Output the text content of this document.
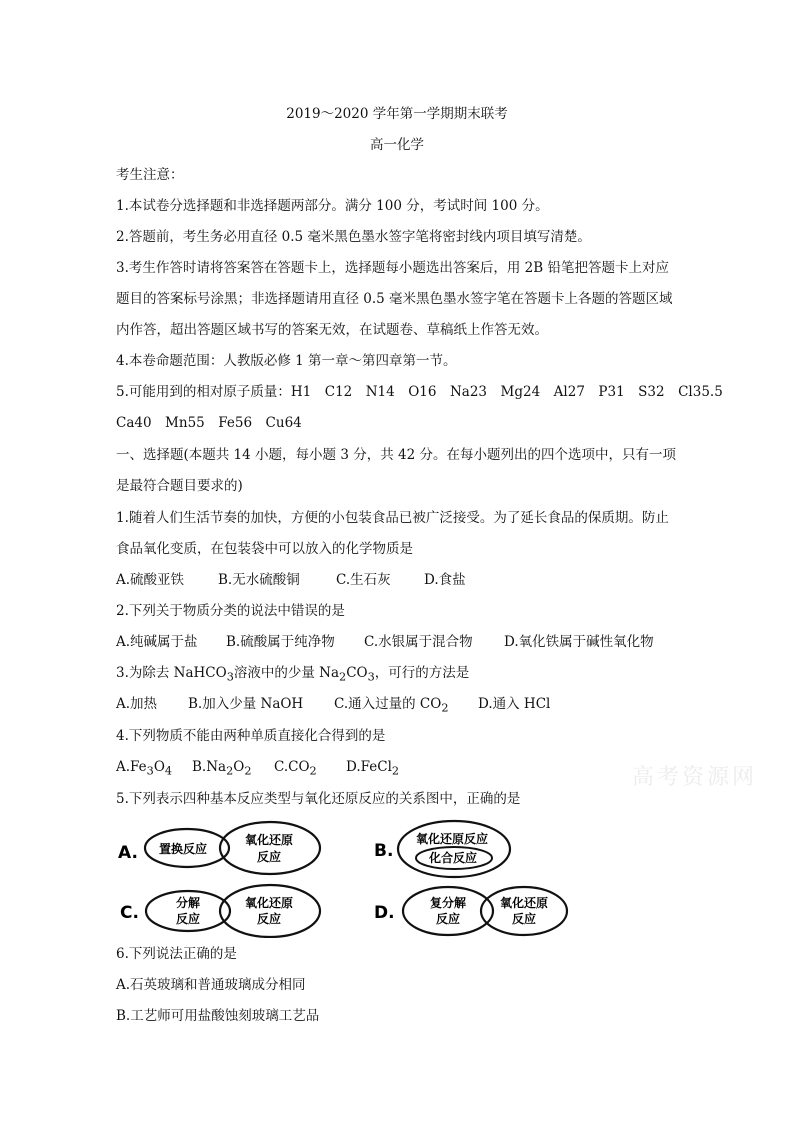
2019～2020 学年第一学期期末联考
高一化学
考生注意：
1.本试卷分选择题和非选择题两部分。满分 100 分，考试时间 100 分。
2.答题前，考生务必用直径 0.5 毫米黑色墨水签字笔将密封线内项目填写清楚。
3.考生作答时请将答案答在答题卡上，选择题每小题选出答案后，用 2B 铅笔把答题卡上对应
题目的答案标号涂黑；非选择题请用直径 0.5 毫米黑色墨水签字笔在答题卡上各题的答题区域
内作答，超出答题区域书写的答案无效，在试题卷、草稿纸上作答无效。
4.本卷命题范围：人教版必修 1 第一章～第四章第一节。
5.可能用到的相对原子质量：H1　C12　N14　O16　Na23　Mg24　Al27　P31　S32　Cl35.5
Ca40　Mn55　Fe56　Cu64
一、选择题(本题共 14 小题，每小题 3 分，共 42 分。在每小题列出的四个选项中，只有一项
是最符合题目要求的)
1.随着人们生活节奏的加快，方便的小包装食品已被广泛接受。为了延长食品的保质期。防止
食品氧化变质，在包装袋中可以放入的化学物质是
A.硫酸亚铁	B.无水硫酸铜	C.生石灰 D.食盐
2.下列关于物质分类的说法中错误的是
A.纯碱属于盐 B.硫酸属于纯净物 C.水银属于混合物 D.氧化铁属于碱性氧化物
3.为除去 NaHCO$_3$溶液中的少量 $Na_2CO_3$，可行的方法是
A.加热 B.加入少量 NaOH C.通入过量的 $CO_2$ D.通入 HCl
4.下列物质不能由两种单质直接化合得到的是
$A.Fe_3O_4$ $B.Na_2O_2$ $C.CO_2$ D.FeCl$_2$	高考资源网
5.下列表示四种基本反应类型与氧化还原反应的关系图中，正确的是
A. 置换反应
氧化还原
反应	B.
氧化还原反应
化合反应
C.	分解
反应
氧化还原
反应	D.	复分解
反应
氧化还原
反应
6.下列说法正确的是
A.石英玻璃和普通玻璃成分相同
B.工艺师可用盐酸蚀刻玻璃工艺品
